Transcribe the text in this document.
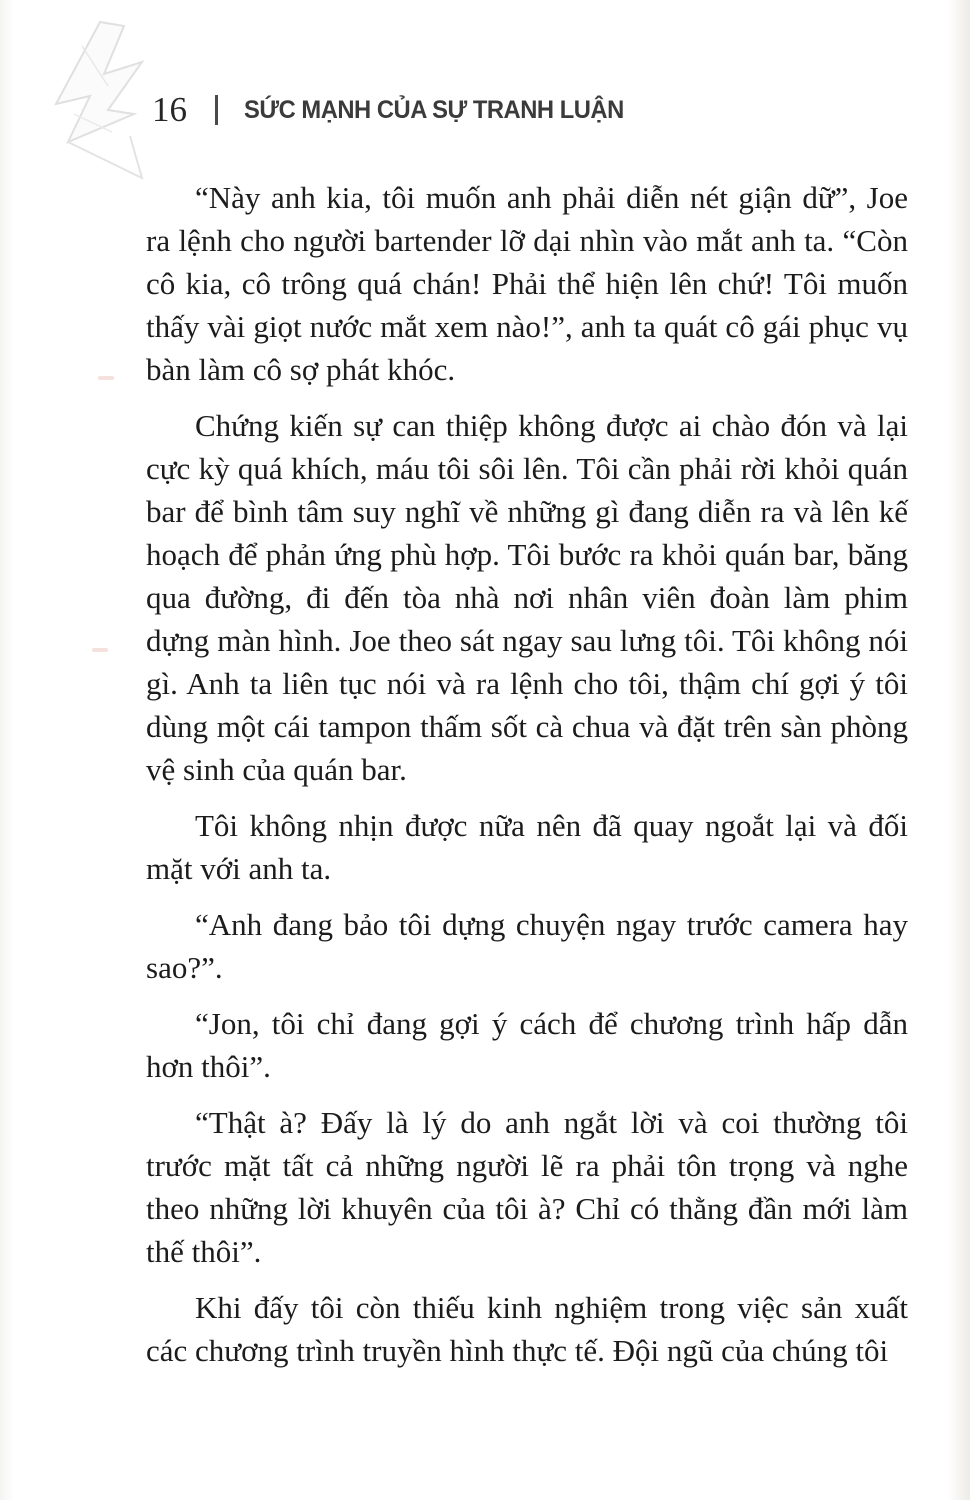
16 SỨC MẠNH CỦA SỰ TRANH LUẬN

“Này anh kia, tôi muốn anh phải diễn nét giận dữ”, Joe ra lệnh cho người bartender lỡ dại nhìn vào mắt anh ta. “Còn cô kia, cô trông quá chán! Phải thể hiện lên chứ! Tôi muốn thấy vài giọt nước mắt xem nào!”, anh ta quát cô gái phục vụ bàn làm cô sợ phát khóc.

Chứng kiến sự can thiệp không được ai chào đón và lại cực kỳ quá khích, máu tôi sôi lên. Tôi cần phải rời khỏi quán bar để bình tâm suy nghĩ về những gì đang diễn ra và lên kế hoạch để phản ứng phù hợp. Tôi bước ra khỏi quán bar, băng qua đường, đi đến tòa nhà nơi nhân viên đoàn làm phim dựng màn hình. Joe theo sát ngay sau lưng tôi. Tôi không nói gì. Anh ta liên tục nói và ra lệnh cho tôi, thậm chí gợi ý tôi dùng một cái tampon thấm sốt cà chua và đặt trên sàn phòng vệ sinh của quán bar.

Tôi không nhịn được nữa nên đã quay ngoắt lại và đối mặt với anh ta.

“Anh đang bảo tôi dựng chuyện ngay trước camera hay sao?”.

“Jon, tôi chỉ đang gợi ý cách để chương trình hấp dẫn hơn thôi”.

“Thật à? Đấy là lý do anh ngắt lời và coi thường tôi trước mặt tất cả những người lẽ ra phải tôn trọng và nghe theo những lời khuyên của tôi à? Chỉ có thằng đần mới làm thế thôi”.

Khi đấy tôi còn thiếu kinh nghiệm trong việc sản xuất các chương trình truyền hình thực tế. Đội ngũ của chúng tôi
